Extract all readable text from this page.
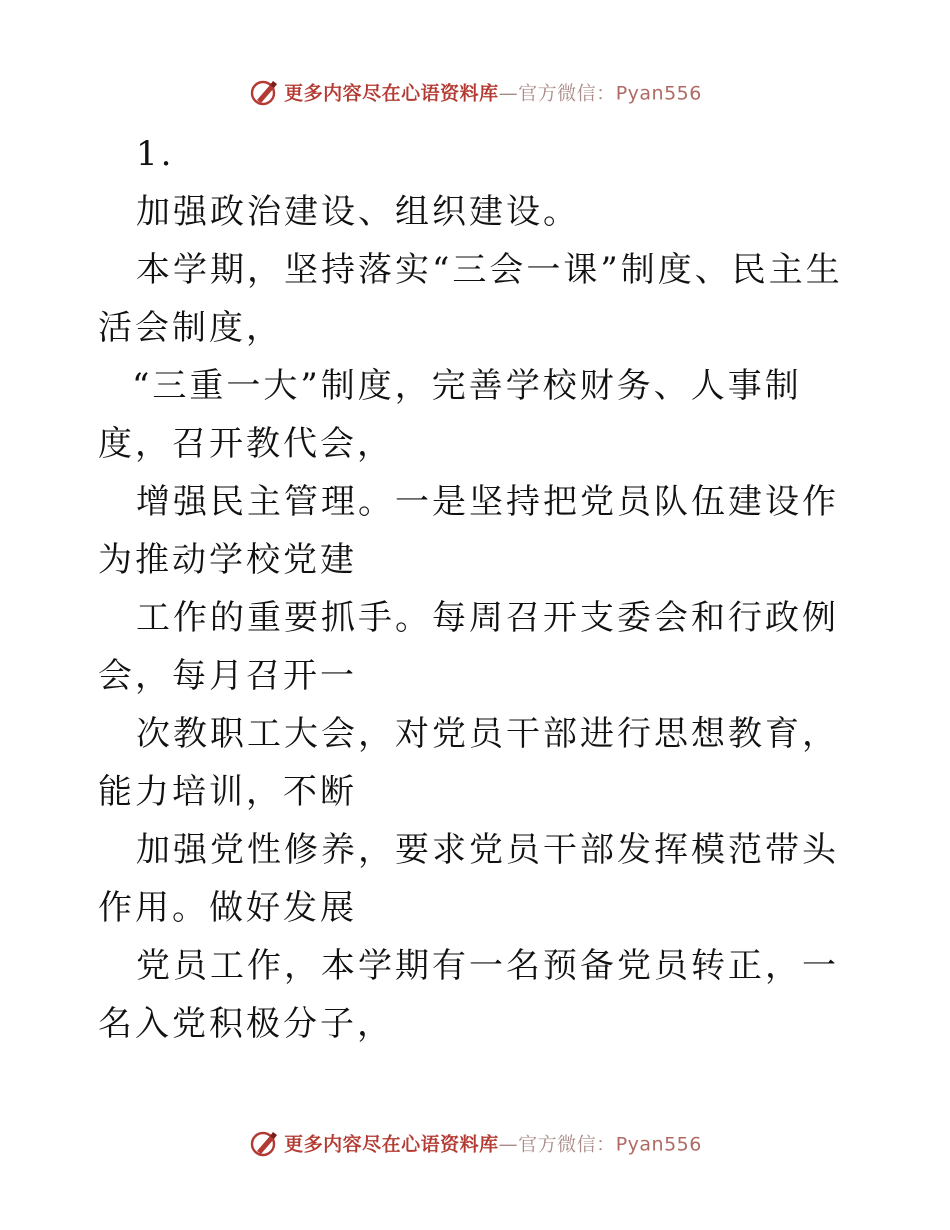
更多内容尽在心语资料库—官方微信：Pyan556

1.

加强政治建设、组织建设。

本学期，坚持落实“三会一课”制度、民主生活会制度，

“三重一大”制度，完善学校财务、人事制度，召开教代会，

增强民主管理。一是坚持把党员队伍建设作为推动学校党建

工作的重要抓手。每周召开支委会和行政例会，每月召开一

次教职工大会，对党员干部进行思想教育，能力培训，不断

加强党性修养，要求党员干部发挥模范带头作用。做好发展

党员工作，本学期有一名预备党员转正，一名入党积极分子，

更多内容尽在心语资料库—官方微信：Pyan556
